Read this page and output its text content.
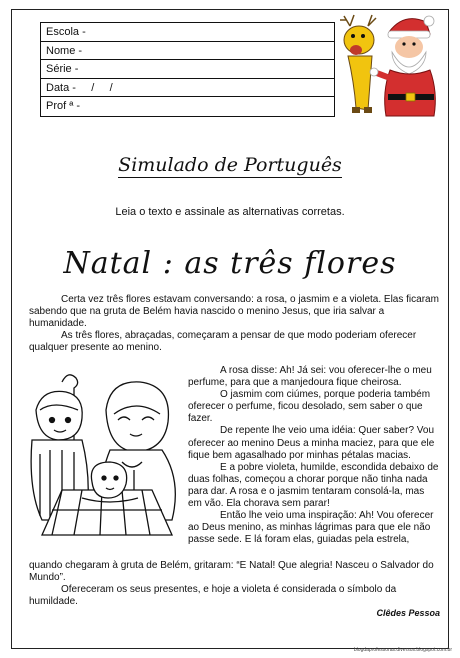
Escola -
Nome -
Série -
Data -     /     /
Prof ª -
Simulado de Português
Leia o texto e assinale as alternativas corretas.
Natal : as três flores

Certa vez três flores estavam conversando: a rosa, o jasmim e a violeta. Elas ficaram sabendo que na gruta de Belém havia nascido o menino Jesus, que iria salvar a humanidade.

As três flores, abraçadas, começaram a pensar de que modo poderiam oferecer qualquer presente ao menino.

A rosa disse: Ah! Já sei: vou oferecer-lhe o meu perfume, para que a manjedoura fique cheirosa.

O jasmim com ciúmes, porque poderia também oferecer o perfume, ficou desolado, sem saber o que fazer.

De repente lhe veio uma idéia: Quer saber? Vou oferecer ao menino Deus a minha maciez, para que ele fique bem agasalhado por minhas pétalas macias.

E a pobre violeta, humilde, escondida debaixo de duas folhas, começou a chorar porque não tinha nada para dar. A rosa e o jasmim tentaram consolá-la, mas em vão. Ela chorava sem parar!

Então lhe veio uma inspiração: Ah! Vou oferecer ao Deus menino, as minhas lágrimas para que ele não passe sede. E lá foram elas, guiadas pela estrela,

quando chegaram à gruta de Belém, gritaram: “E Natal! Que alegria! Nasceu o Salvador do Mundo”.

Ofereceram os seus presentes, e hoje a violeta é considerada o símbolo da humildade.

Clêdes Pessoa
blogdaprofessoras.diversos.blogspot.com.br
